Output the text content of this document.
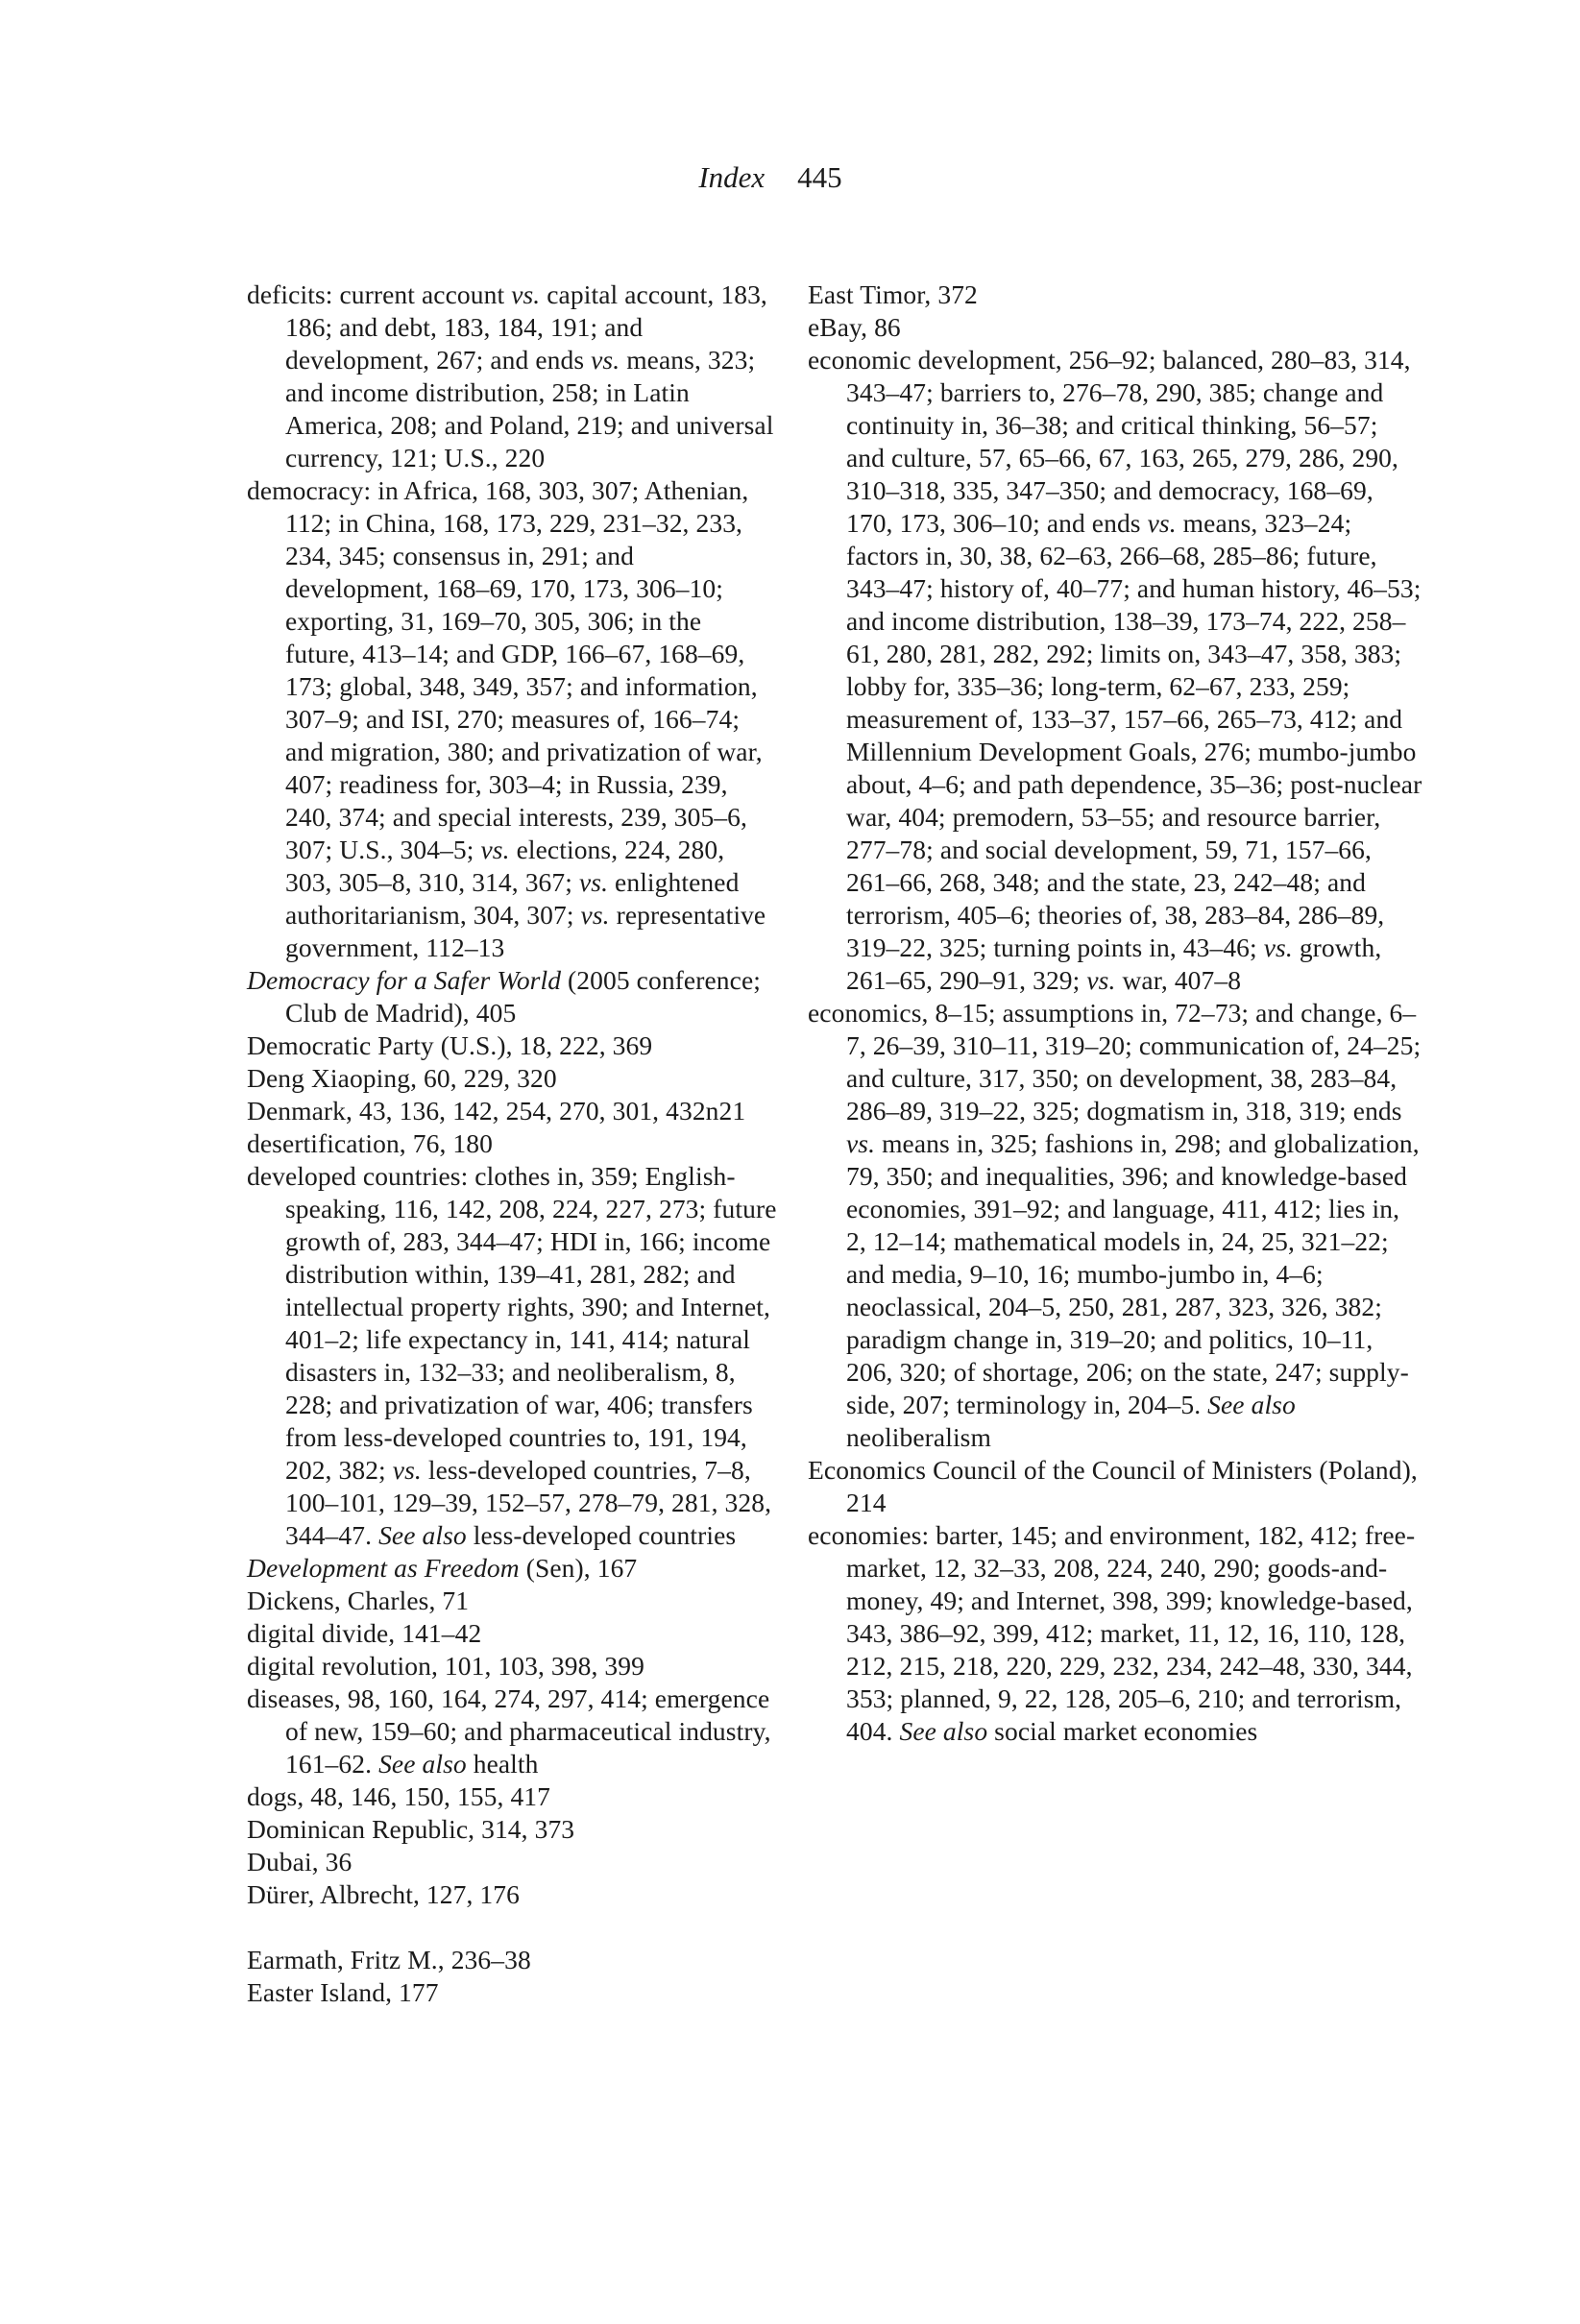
Index 445
deficits: current account vs. capital account, 183, 186; and debt, 183, 184, 191; and development, 267; and ends vs. means, 323; and income distribution, 258; in Latin America, 208; and Poland, 219; and universal currency, 121; U.S., 220
democracy: in Africa, 168, 303, 307; Athenian, 112; in China, 168, 173, 229, 231–32, 233, 234, 345; consensus in, 291; and development, 168–69, 170, 173, 306–10; exporting, 31, 169–70, 305, 306; in the future, 413–14; and GDP, 166–67, 168–69, 173; global, 348, 349, 357; and information, 307–9; and ISI, 270; measures of, 166–74; and migration, 380; and privatization of war, 407; readiness for, 303–4; in Russia, 239, 240, 374; and special interests, 239, 305–6, 307; U.S., 304–5; vs. elections, 224, 280, 303, 305–8, 310, 314, 367; vs. enlightened authoritarianism, 304, 307; vs. representative government, 112–13
Democracy for a Safer World (2005 conference; Club de Madrid), 405
Democratic Party (U.S.), 18, 222, 369
Deng Xiaoping, 60, 229, 320
Denmark, 43, 136, 142, 254, 270, 301, 432n21
desertification, 76, 180
developed countries: clothes in, 359; English-speaking, 116, 142, 208, 224, 227, 273; future growth of, 283, 344–47; HDI in, 166; income distribution within, 139–41, 281, 282; and intellectual property rights, 390; and Internet, 401–2; life expectancy in, 141, 414; natural disasters in, 132–33; and neoliberalism, 8, 228; and privatization of war, 406; transfers from less-developed countries to, 191, 194, 202, 382; vs. less-developed countries, 7–8, 100–101, 129–39, 152–57, 278–79, 281, 328, 344–47. See also less-developed countries
Development as Freedom (Sen), 167
Dickens, Charles, 71
digital divide, 141–42
digital revolution, 101, 103, 398, 399
diseases, 98, 160, 164, 274, 297, 414; emergence of new, 159–60; and pharmaceutical industry, 161–62. See also health
dogs, 48, 146, 150, 155, 417
Dominican Republic, 314, 373
Dubai, 36
Dürer, Albrecht, 127, 176
Earmath, Fritz M., 236–38
Easter Island, 177
East Timor, 372
eBay, 86
economic development, 256–92; balanced, 280–83, 314, 343–47; barriers to, 276–78, 290, 385; change and continuity in, 36–38; and critical thinking, 56–57; and culture, 57, 65–66, 67, 163, 265, 279, 286, 290, 310–318, 335, 347–350; and democracy, 168–69, 170, 173, 306–10; and ends vs. means, 323–24; factors in, 30, 38, 62–63, 266–68, 285–86; future, 343–47; history of, 40–77; and human history, 46–53; and income distribution, 138–39, 173–74, 222, 258–61, 280, 281, 282, 292; limits on, 343–47, 358, 383; lobby for, 335–36; long-term, 62–67, 233, 259; measurement of, 133–37, 157–66, 265–73, 412; and Millennium Development Goals, 276; mumbo-jumbo about, 4–6; and path dependence, 35–36; post-nuclear war, 404; premodern, 53–55; and resource barrier, 277–78; and social development, 59, 71, 157–66, 261–66, 268, 348; and the state, 23, 242–48; and terrorism, 405–6; theories of, 38, 283–84, 286–89, 319–22, 325; turning points in, 43–46; vs. growth, 261–65, 290–91, 329; vs. war, 407–8
economics, 8–15; assumptions in, 72–73; and change, 6–7, 26–39, 310–11, 319–20; communication of, 24–25; and culture, 317, 350; on development, 38, 283–84, 286–89, 319–22, 325; dogmatism in, 318, 319; ends vs. means in, 325; fashions in, 298; and globalization, 79, 350; and inequalities, 396; and knowledge-based economies, 391–92; and language, 411, 412; lies in, 2, 12–14; mathematical models in, 24, 25, 321–22; and media, 9–10, 16; mumbo-jumbo in, 4–6; neoclassical, 204–5, 250, 281, 287, 323, 326, 382; paradigm change in, 319–20; and politics, 10–11, 206, 320; of shortage, 206; on the state, 247; supply-side, 207; terminology in, 204–5. See also neoliberalism
Economics Council of the Council of Ministers (Poland), 214
economies: barter, 145; and environment, 182, 412; free-market, 12, 32–33, 208, 224, 240, 290; goods-and-money, 49; and Internet, 398, 399; knowledge-based, 343, 386–92, 399, 412; market, 11, 12, 16, 110, 128, 212, 215, 218, 220, 229, 232, 234, 242–48, 330, 344, 353; planned, 9, 22, 128, 205–6, 210; and terrorism, 404. See also social market economies
